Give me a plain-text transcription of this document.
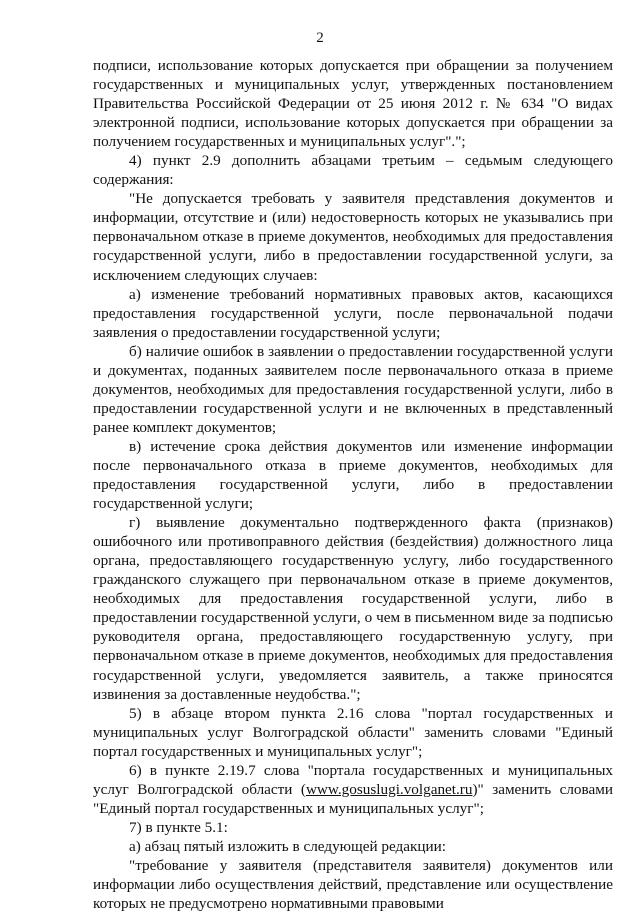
2

подписи, использование которых допускается при обращении за получением государственных и муниципальных услуг, утвержденных постановлением Правительства Российской Федерации от 25 июня 2012 г. № 634 "О видах электронной подписи, использование которых допускается при обращении за получением государственных и муниципальных услуг".";

4) пункт 2.9 дополнить абзацами третьим – седьмым следующего содержания:

"Не допускается требовать у заявителя представления документов и информации, отсутствие и (или) недостоверность которых не указывались при первоначальном отказе в приеме документов, необходимых для предоставления государственной услуги, либо в предоставлении государственной услуги, за исключением следующих случаев:

а) изменение требований нормативных правовых актов, касающихся предоставления государственной услуги, после первоначальной подачи заявления о предоставлении государственной услуги;

б) наличие ошибок в заявлении о предоставлении государственной услуги и документах, поданных заявителем после первоначального отказа в приеме документов, необходимых для предоставления государственной услуги, либо в предоставлении государственной услуги и не включенных в представленный ранее комплект документов;

в) истечение срока действия документов или изменение информации после первоначального отказа в приеме документов, необходимых для предоставления государственной услуги, либо в предоставлении государственной услуги;

г) выявление документально подтвержденного факта (признаков) ошибочного или противоправного действия (бездействия) должностного лица органа, предоставляющего государственную услугу, либо государственного гражданского служащего при первоначальном отказе в приеме документов, необходимых для предоставления государственной услуги, либо в предоставлении государственной услуги, о чем в письменном виде за подписью руководителя органа, предоставляющего государственную услугу, при первоначальном отказе в приеме документов, необходимых для предоставления государственной услуги, уведомляется заявитель, а также приносятся извинения за доставленные неудобства.";

5) в абзаце втором пункта 2.16 слова "портал государственных и муниципальных услуг Волгоградской области" заменить словами "Единый портал государственных и муниципальных услуг";

6) в пункте 2.19.7 слова "портала государственных и муниципальных услуг Волгоградской области (www.gosuslugi.volganet.ru)" заменить словами "Единый портал государственных и муниципальных услуг";

7) в пункте 5.1:

а) абзац пятый изложить в следующей редакции:

"требование у заявителя (представителя заявителя) документов или информации либо осуществления действий, представление или осуществление которых не предусмотрено нормативными правовыми
